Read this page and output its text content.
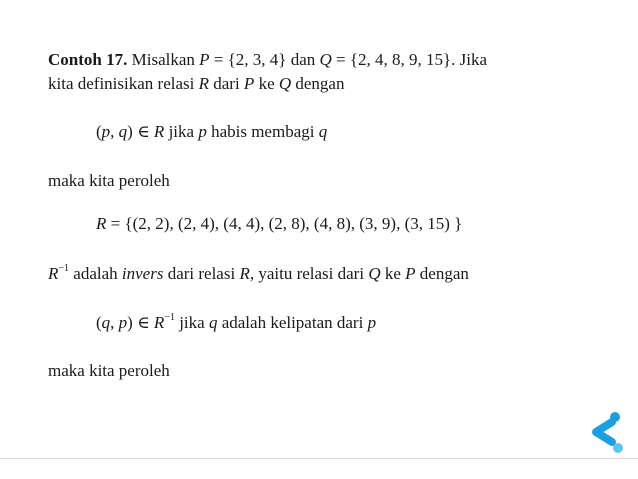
Contoh 17. Misalkan P = {2, 3, 4} dan Q = {2, 4, 8, 9, 15}. Jika
kita definisikan relasi R dari P ke Q dengan
(p, q) ∈ R jika p habis membagi q
maka kita peroleh
R = {(2, 2), (2, 4), (4, 4), (2, 8), (4, 8), (3, 9), (3, 15) }
$R^{-1}$ adalah invers dari relasi R, yaitu relasi dari Q ke P dengan
(q, p) ∈ $R^{-1}$ jika q adalah kelipatan dari p
maka kita peroleh
